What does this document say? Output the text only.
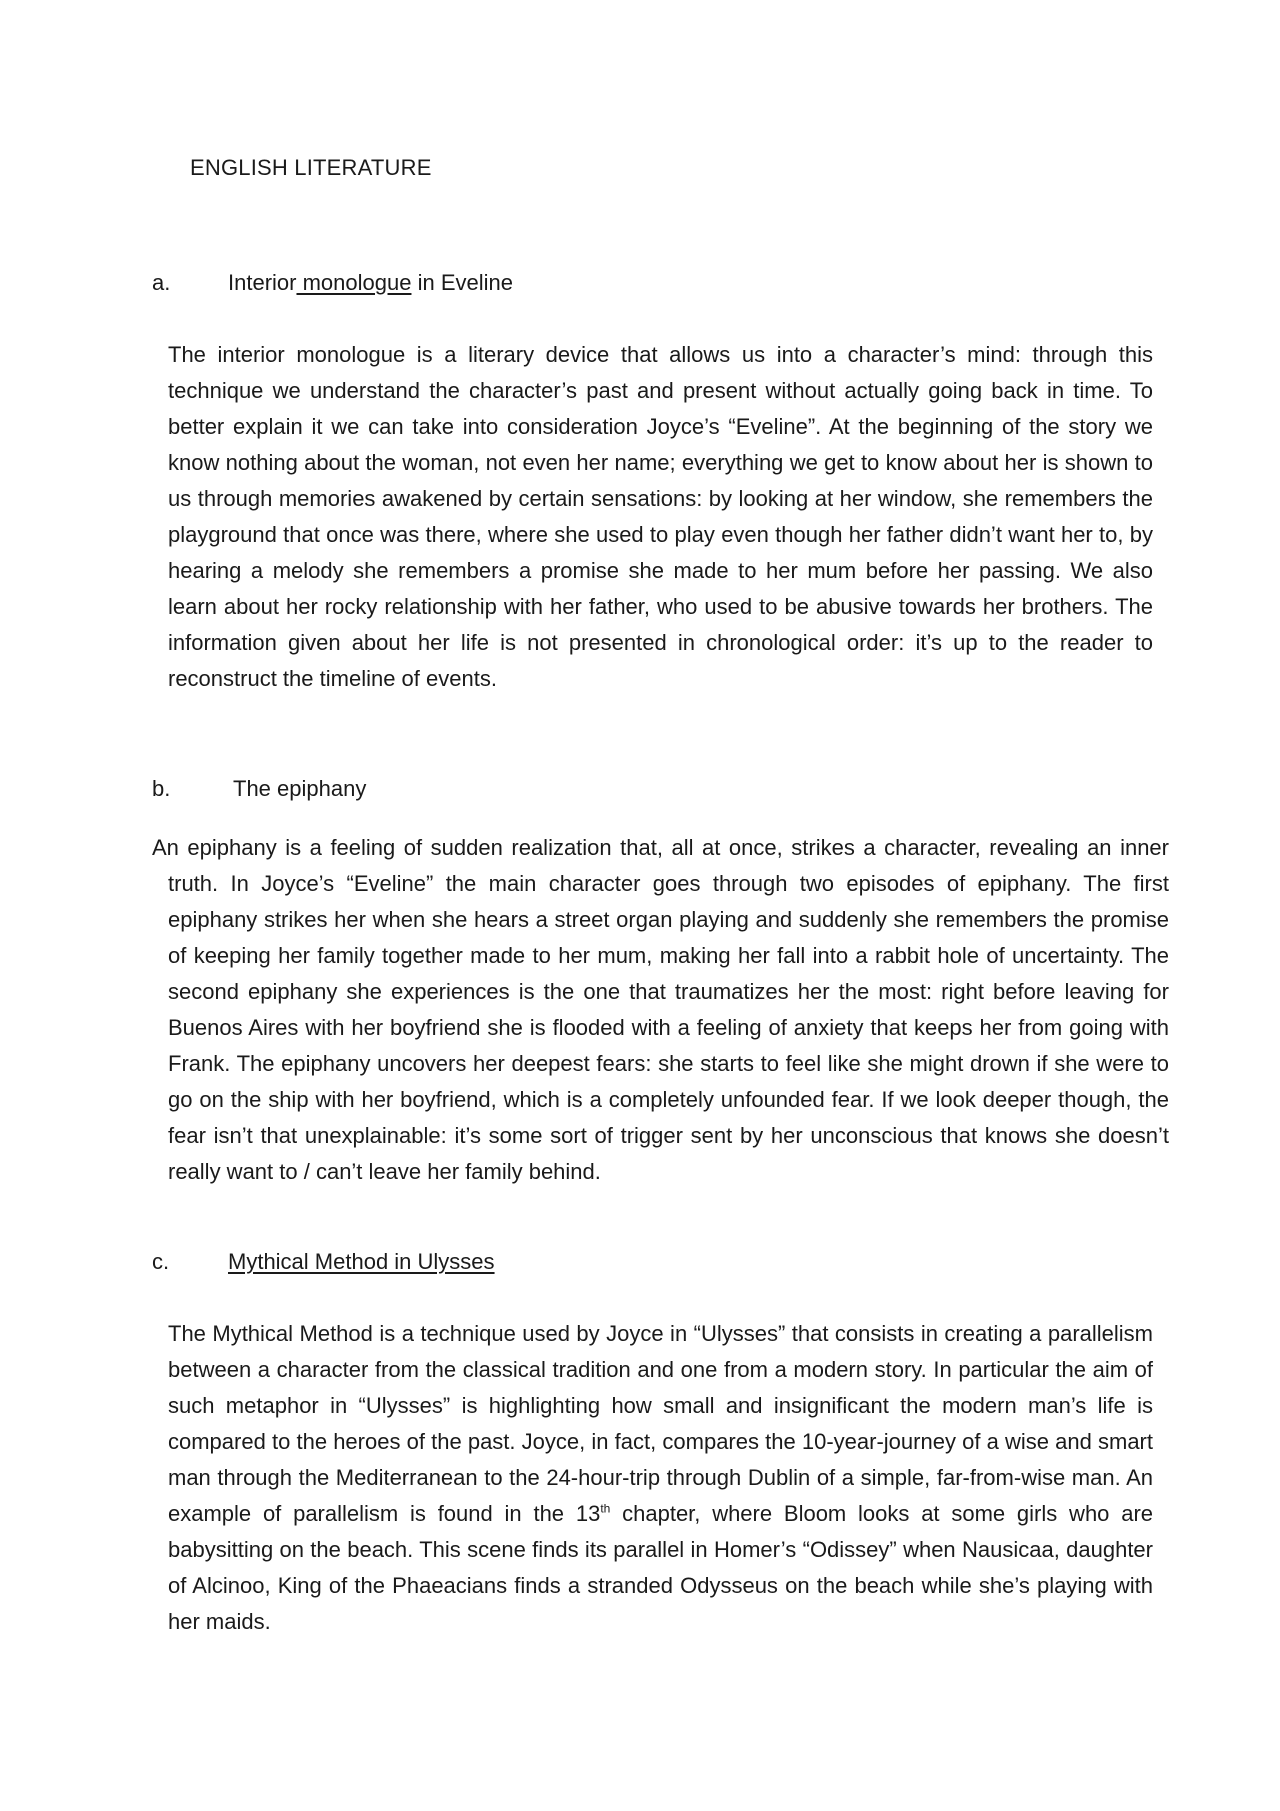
ENGLISH LITERATURE
a.	Interior monologue in Eveline

The interior monologue is a literary device that allows us into a character’s mind: through this technique we understand the character’s past and present without actually going back in time. To better explain it we can take into consideration Joyce’s “Eveline”. At the beginning of the story we know nothing about the woman, not even her name; everything we get to know about her is shown to us through memories awakened by certain sensations: by looking at her window, she remembers the playground that once was there, where she used to play even though her father didn’t want her to, by hearing a melody she remembers a promise she made to her mum before her passing. We also learn about her rocky relationship with her father, who used to be abusive towards her brothers. The information given about her life is not presented in chronological order: it’s up to the reader to reconstruct the timeline of events.

b.	The epiphany

An epiphany is a feeling of sudden realization that, all at once, strikes a character, revealing an inner truth. In Joyce’s “Eveline” the main character goes through two episodes of epiphany. The first epiphany strikes her when she hears a street organ playing and suddenly she remembers the promise of keeping her family together made to her mum, making her fall into a rabbit hole of uncertainty. The second epiphany she experiences is the one that traumatizes her the most: right before leaving for Buenos Aires with her boyfriend she is flooded with a feeling of anxiety that keeps her from going with Frank. The epiphany uncovers her deepest fears: she starts to feel like she might drown if she were to go on the ship with her boyfriend, which is a completely unfounded fear. If we look deeper though, the fear isn’t that unexplainable: it’s some sort of trigger sent by her unconscious that knows she doesn’t really want to / can’t leave her family behind.

c.	Mythical Method in Ulysses

The Mythical Method is a technique used by Joyce in “Ulysses” that consists in creating a parallelism between a character from the classical tradition and one from a modern story. In particular the aim of such metaphor in “Ulysses” is highlighting how small and insignificant the modern man’s life is compared to the heroes of the past. Joyce, in fact, compares the 10-year-journey of a wise and smart man through the Mediterranean to the 24-hour-trip through Dublin of a simple, far-from-wise man. An example of parallelism is found in the 13th chapter, where Bloom looks at some girls who are babysitting on the beach. This scene finds its parallel in Homer’s “Odissey” when Nausicaa, daughter of Alcinoo, King of the Phaeacians finds a stranded Odysseus on the beach while she’s playing with her maids.
